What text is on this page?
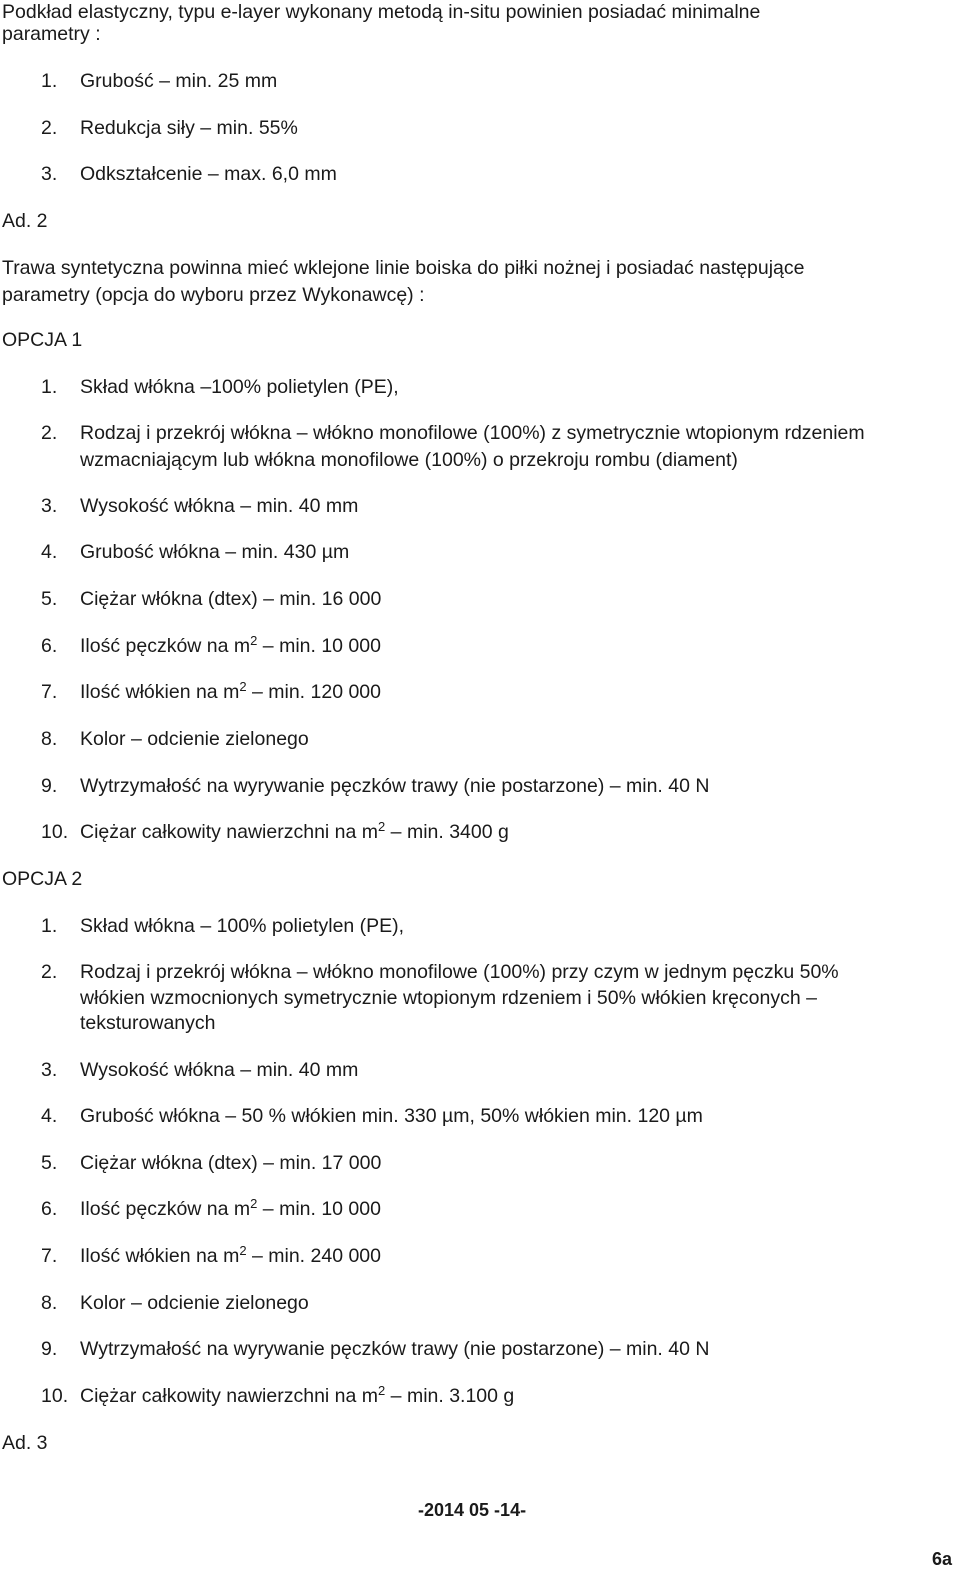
Podkład elastyczny, typu e-layer wykonany metodą in-situ powinien posiadać minimalne
parametry :
1. Grubość – min. 25 mm
2. Redukcja siły – min. 55%
3. Odkształcenie – max. 6,0 mm
Ad. 2
Trawa syntetyczna powinna mieć wklejone linie boiska do piłki nożnej i posiadać następujące
parametry (opcja do wyboru przez Wykonawcę) :
OPCJA 1
1. Skład włókna –100% polietylen (PE),
2. Rodzaj i przekrój włókna – włókno monofilowe (100%) z symetrycznie wtopionym rdzeniem
wzmacniającym lub włókna monofilowe (100%) o przekroju rombu (diament)
3. Wysokość włókna – min. 40 mm
4. Grubość włókna – min. 430 µm
5. Ciężar włókna (dtex) – min. 16 000
6. Ilość pęczków na $m^2$ – min. 10 000
7. Ilość włókien na $m^2$ – min. 120 000
8. Kolor – odcienie zielonego
9. Wytrzymałość na wyrywanie pęczków trawy (nie postarzone) – min. 40 N
10. Ciężar całkowity nawierzchni na $m^2$ – min. 3400 g
OPCJA 2
1. Skład włókna – 100% polietylen (PE),
2. Rodzaj i przekrój włókna – włókno monofilowe (100%) przy czym w jednym pęczku 50%
włókien wzmocnionych symetrycznie wtopionym rdzeniem i 50% włókien kręconych –
teksturowanych
3. Wysokość włókna – min. 40 mm
4. Grubość włókna – 50 % włókien min. 330 µm, 50% włókien min. 120 µm
5. Ciężar włókna (dtex) – min. 17 000
6. Ilość pęczków na $m^2$ – min. 10 000
7. Ilość włókien na $m^2$ – min. 240 000
8. Kolor – odcienie zielonego
9. Wytrzymałość na wyrywanie pęczków trawy (nie postarzone) – min. 40 N
10. Ciężar całkowity nawierzchni na $m^2$ – min. 3.100 g
Ad. 3
-2014 05 -14-
6a
